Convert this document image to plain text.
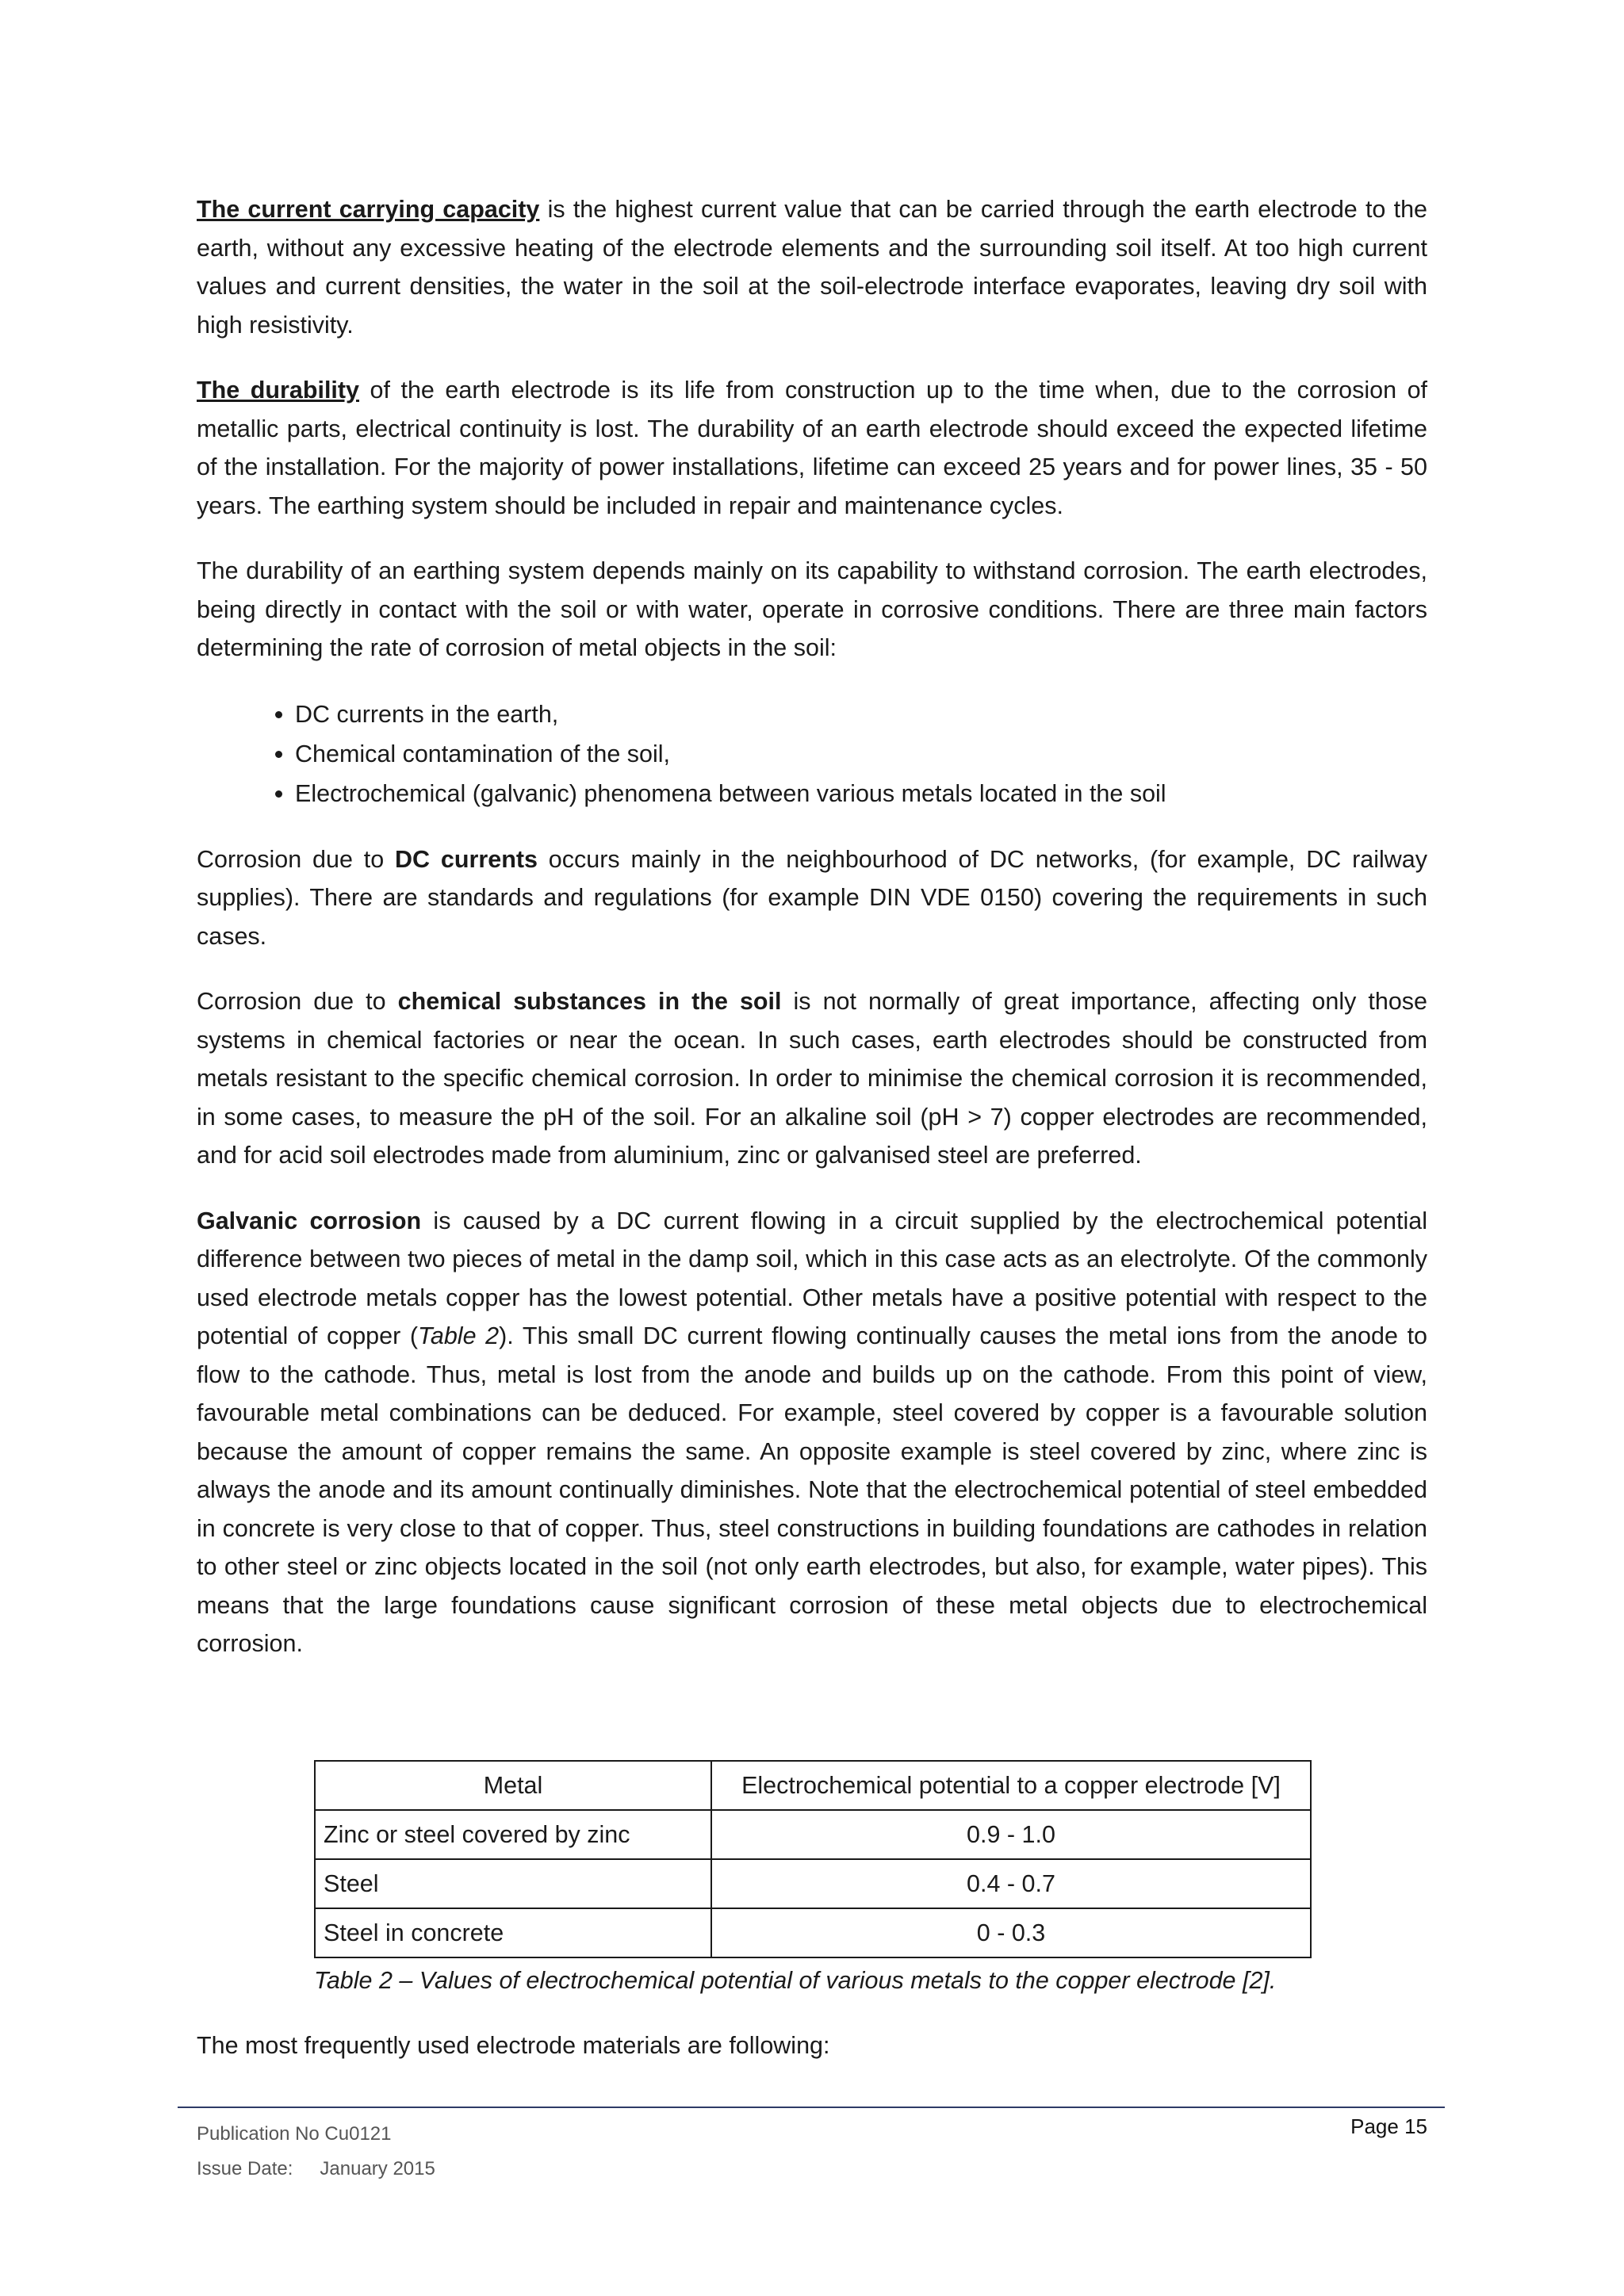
The current carrying capacity is the highest current value that can be carried through the earth electrode to the earth, without any excessive heating of the electrode elements and the surrounding soil itself. At too high current values and current densities, the water in the soil at the soil-electrode interface evaporates, leaving dry soil with high resistivity.

The durability of the earth electrode is its life from construction up to the time when, due to the corrosion of metallic parts, electrical continuity is lost. The durability of an earth electrode should exceed the expected lifetime of the installation. For the majority of power installations, lifetime can exceed 25 years and for power lines, 35 - 50 years. The earthing system should be included in repair and maintenance cycles.

The durability of an earthing system depends mainly on its capability to withstand corrosion. The earth electrodes, being directly in contact with the soil or with water, operate in corrosive conditions. There are three main factors determining the rate of corrosion of metal objects in the soil:

• DC currents in the earth,
• Chemical contamination of the soil,
• Electrochemical (galvanic) phenomena between various metals located in the soil

Corrosion due to DC currents occurs mainly in the neighbourhood of DC networks, (for example, DC railway supplies). There are standards and regulations (for example DIN VDE 0150) covering the requirements in such cases.

Corrosion due to chemical substances in the soil is not normally of great importance, affecting only those systems in chemical factories or near the ocean. In such cases, earth electrodes should be constructed from metals resistant to the specific chemical corrosion. In order to minimise the chemical corrosion it is recommended, in some cases, to measure the pH of the soil. For an alkaline soil (pH > 7) copper electrodes are recommended, and for acid soil electrodes made from aluminium, zinc or galvanised steel are preferred.

Galvanic corrosion is caused by a DC current flowing in a circuit supplied by the electrochemical potential difference between two pieces of metal in the damp soil, which in this case acts as an electrolyte. Of the commonly used electrode metals copper has the lowest potential. Other metals have a positive potential with respect to the potential of copper (Table 2). This small DC current flowing continually causes the metal ions from the anode to flow to the cathode. Thus, metal is lost from the anode and builds up on the cathode. From this point of view, favourable metal combinations can be deduced. For example, steel covered by copper is a favourable solution because the amount of copper remains the same. An opposite example is steel covered by zinc, where zinc is always the anode and its amount continually diminishes. Note that the electrochemical potential of steel embedded in concrete is very close to that of copper. Thus, steel constructions in building foundations are cathodes in relation to other steel or zinc objects located in the soil (not only earth electrodes, but also, for example, water pipes). This means that the large foundations cause significant corrosion of these metal objects due to electrochemical corrosion.

Metal	Electrochemical potential to a copper electrode [V]
Zinc or steel covered by zinc	0.9 - 1.0
Steel	0.4 - 0.7
Steel in concrete	0 - 0.3
Table 2 – Values of electrochemical potential of various metals to the copper electrode [2].
The most frequently used electrode materials are following:
Publication No Cu0121
Issue Date: January 2015
Page 15
